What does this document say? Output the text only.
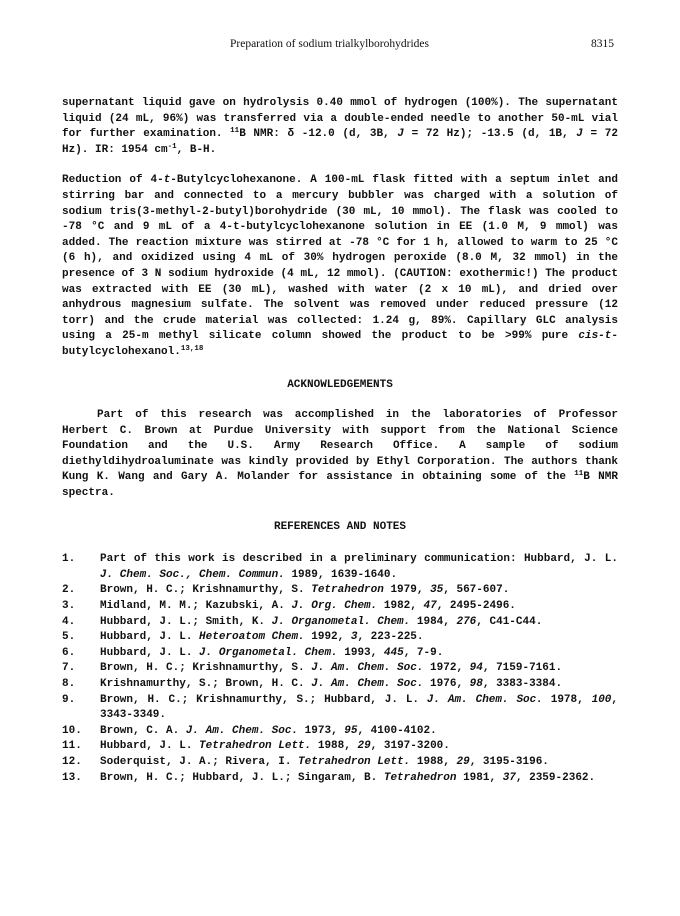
Preparation of sodium trialkylborohydrides	8315

supernatant liquid gave on hydrolysis 0.40 mmol of hydrogen (100%). The supernatant liquid (24 mL, 96%) was transferred via a double-ended needle to another 50-mL vial for further examination. $^{11}$B NMR: δ -12.0 (d, 3B, J = 72 Hz); -13.5 (d, 1B, J = 72 Hz). IR: 1954 $cm^{-1}$, B-H.

Reduction of 4-t-Butylcyclohexanone. A 100-mL flask fitted with a septum inlet and stirring bar and connected to a mercury bubbler was charged with a solution of sodium tris(3-methyl-2-butyl)borohydride (30 mL, 10 mmol). The flask was cooled to -78 °C and 9 mL of a 4-t-butylcyclohexanone solution in EE (1.0 M, 9 mmol) was added. The reaction mixture was stirred at -78 °C for 1 h, allowed to warm to 25 °C (6 h), and oxidized using 4 mL of 30% hydrogen peroxide (8.0 M, 32 mmol) in the presence of 3 N sodium hydroxide (4 mL, 12 mmol). (CAUTION: exothermic!) The product was extracted with EE (30 mL), washed with water (2 x 10 mL), and dried over anhydrous magnesium sulfate. The solvent was removed under reduced pressure (12 torr) and the crude material was collected: 1.24 g, 89%. Capillary GLC analysis using a 25-m methyl silicate column showed the product to be >99% pure cis-t-butylcyclohexanol.$^{13,18}$

ACKNOWLEDGEMENTS

Part of this research was accomplished in the laboratories of Professor Herbert C. Brown at Purdue University with support from the National Science Foundation and the U.S. Army Research Office. A sample of sodium diethyldihydroaluminate was kindly provided by Ethyl Corporation. The authors thank Kung K. Wang and Gary A. Molander for assistance in obtaining some of the $^{11}$B NMR spectra.

REFERENCES AND NOTES

1.	Part of this work is described in a preliminary communication: Hubbard, J. L. J. Chem. Soc., Chem. Commun. 1989, 1639-1640.
2.	Brown, H. C.; Krishnamurthy, S. Tetrahedron 1979, 35, 567-607.
3.	Midland, M. M.; Kazubski, A. J. Org. Chem. 1982, 47, 2495-2496.
4.	Hubbard, J. L.; Smith, K. J. Organometal. Chem. 1984, 276, C41-C44.
5.	Hubbard, J. L. Heteroatom Chem. 1992, 3, 223-225.
6.	Hubbard, J. L. J. Organometal. Chem. 1993, 445, 7-9.
7.	Brown, H. C.; Krishnamurthy, S. J. Am. Chem. Soc. 1972, 94, 7159-7161.
8.	Krishnamurthy, S.; Brown, H. C. J. Am. Chem. Soc. 1976, 98, 3383-3384.
9.	Brown, H. C.; Krishnamurthy, S.; Hubbard, J. L. J. Am. Chem. Soc. 1978, 100, 3343-3349.
10.	Brown, C. A. J. Am. Chem. Soc. 1973, 95, 4100-4102.
11.	Hubbard, J. L. Tetrahedron Lett. 1988, 29, 3197-3200.
12.	Soderquist, J. A.; Rivera, I. Tetrahedron Lett. 1988, 29, 3195-3196.
13.	Brown, H. C.; Hubbard, J. L.; Singaram, B. Tetrahedron 1981, 37, 2359-2362.
